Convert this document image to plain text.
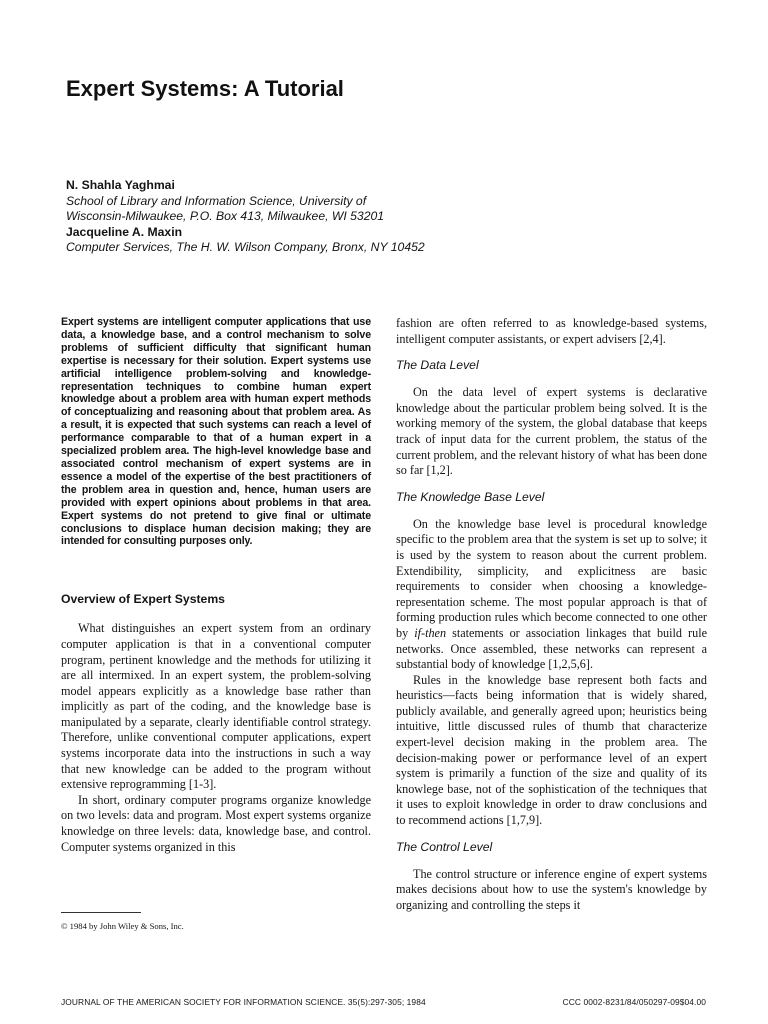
Expert Systems: A Tutorial
N. Shahla Yaghmai
School of Library and Information Science, University of
Wisconsin-Milwaukee, P.O. Box 413, Milwaukee, WI 53201
Jacqueline A. Maxin
Computer Services, The H. W. Wilson Company, Bronx, NY 10452

Expert systems are intelligent computer applications that use data, a knowledge base, and a control mechanism to solve problems of sufficient difficulty that significant human expertise is necessary for their solution. Expert systems use artificial intelligence problem-solving and knowledge-representation techniques to combine human expert knowledge about a problem area with human expert methods of conceptualizing and reasoning about that problem area. As a result, it is expected that such systems can reach a level of performance comparable to that of a human expert in a specialized problem area. The high-level knowledge base and associated control mechanism of expert systems are in essence a model of the expertise of the best practitioners of the problem area in question and, hence, human users are provided with expert opinions about problems in that area. Expert systems do not pretend to give final or ultimate conclusions to displace human decision making; they are intended for consulting purposes only.

Overview of Expert Systems

What distinguishes an expert system from an ordinary computer application is that in a conventional computer program, pertinent knowledge and the methods for utilizing it are all intermixed. In an expert system, the problem-solving model appears explicitly as a knowledge base rather than implicitly as part of the coding, and the knowledge base is manipulated by a separate, clearly identifiable control strategy. Therefore, unlike conventional computer applications, expert systems incorporate data into the instructions in such a way that new knowledge can be added to the program without extensive reprogramming [1-3].

In short, ordinary computer programs organize knowledge on two levels: data and program. Most expert systems organize knowledge on three levels: data, knowledge base, and control. Computer systems organized in this

fashion are often referred to as knowledge-based systems, intelligent computer assistants, or expert advisers [2,4].

The Data Level

On the data level of expert systems is declarative knowledge about the particular problem being solved. It is the working memory of the system, the global database that keeps track of input data for the current problem, the status of the current problem, and the relevant history of what has been done so far [1,2].

The Knowledge Base Level

On the knowledge base level is procedural knowledge specific to the problem area that the system is set up to solve; it is used by the system to reason about the current problem. Extendibility, simplicity, and explicitness are basic requirements to consider when choosing a knowledge-representation scheme. The most popular approach is that of forming production rules which become connected to one other by if-then statements or association linkages that build rule networks. Once assembled, these networks can represent a substantial body of knowledge [1,2,5,6].

Rules in the knowledge base represent both facts and heuristics—facts being information that is widely shared, publicly available, and generally agreed upon; heuristics being intuitive, little discussed rules of thumb that characterize expert-level decision making in the problem area. The decision-making power or performance level of an expert system is primarily a function of the size and quality of its knowlege base, not of the sophistication of the techniques that it uses to exploit knowledge in order to draw conclusions and to recommend actions [1,7,9].

The Control Level

The control structure or inference engine of expert systems makes decisions about how to use the system's knowledge by organizing and controlling the steps it

© 1984 by John Wiley & Sons, Inc.
JOURNAL OF THE AMERICAN SOCIETY FOR INFORMATION SCIENCE. 35(5):297-305; 1984	CCC 0002-8231/84/050297-09$04.00
